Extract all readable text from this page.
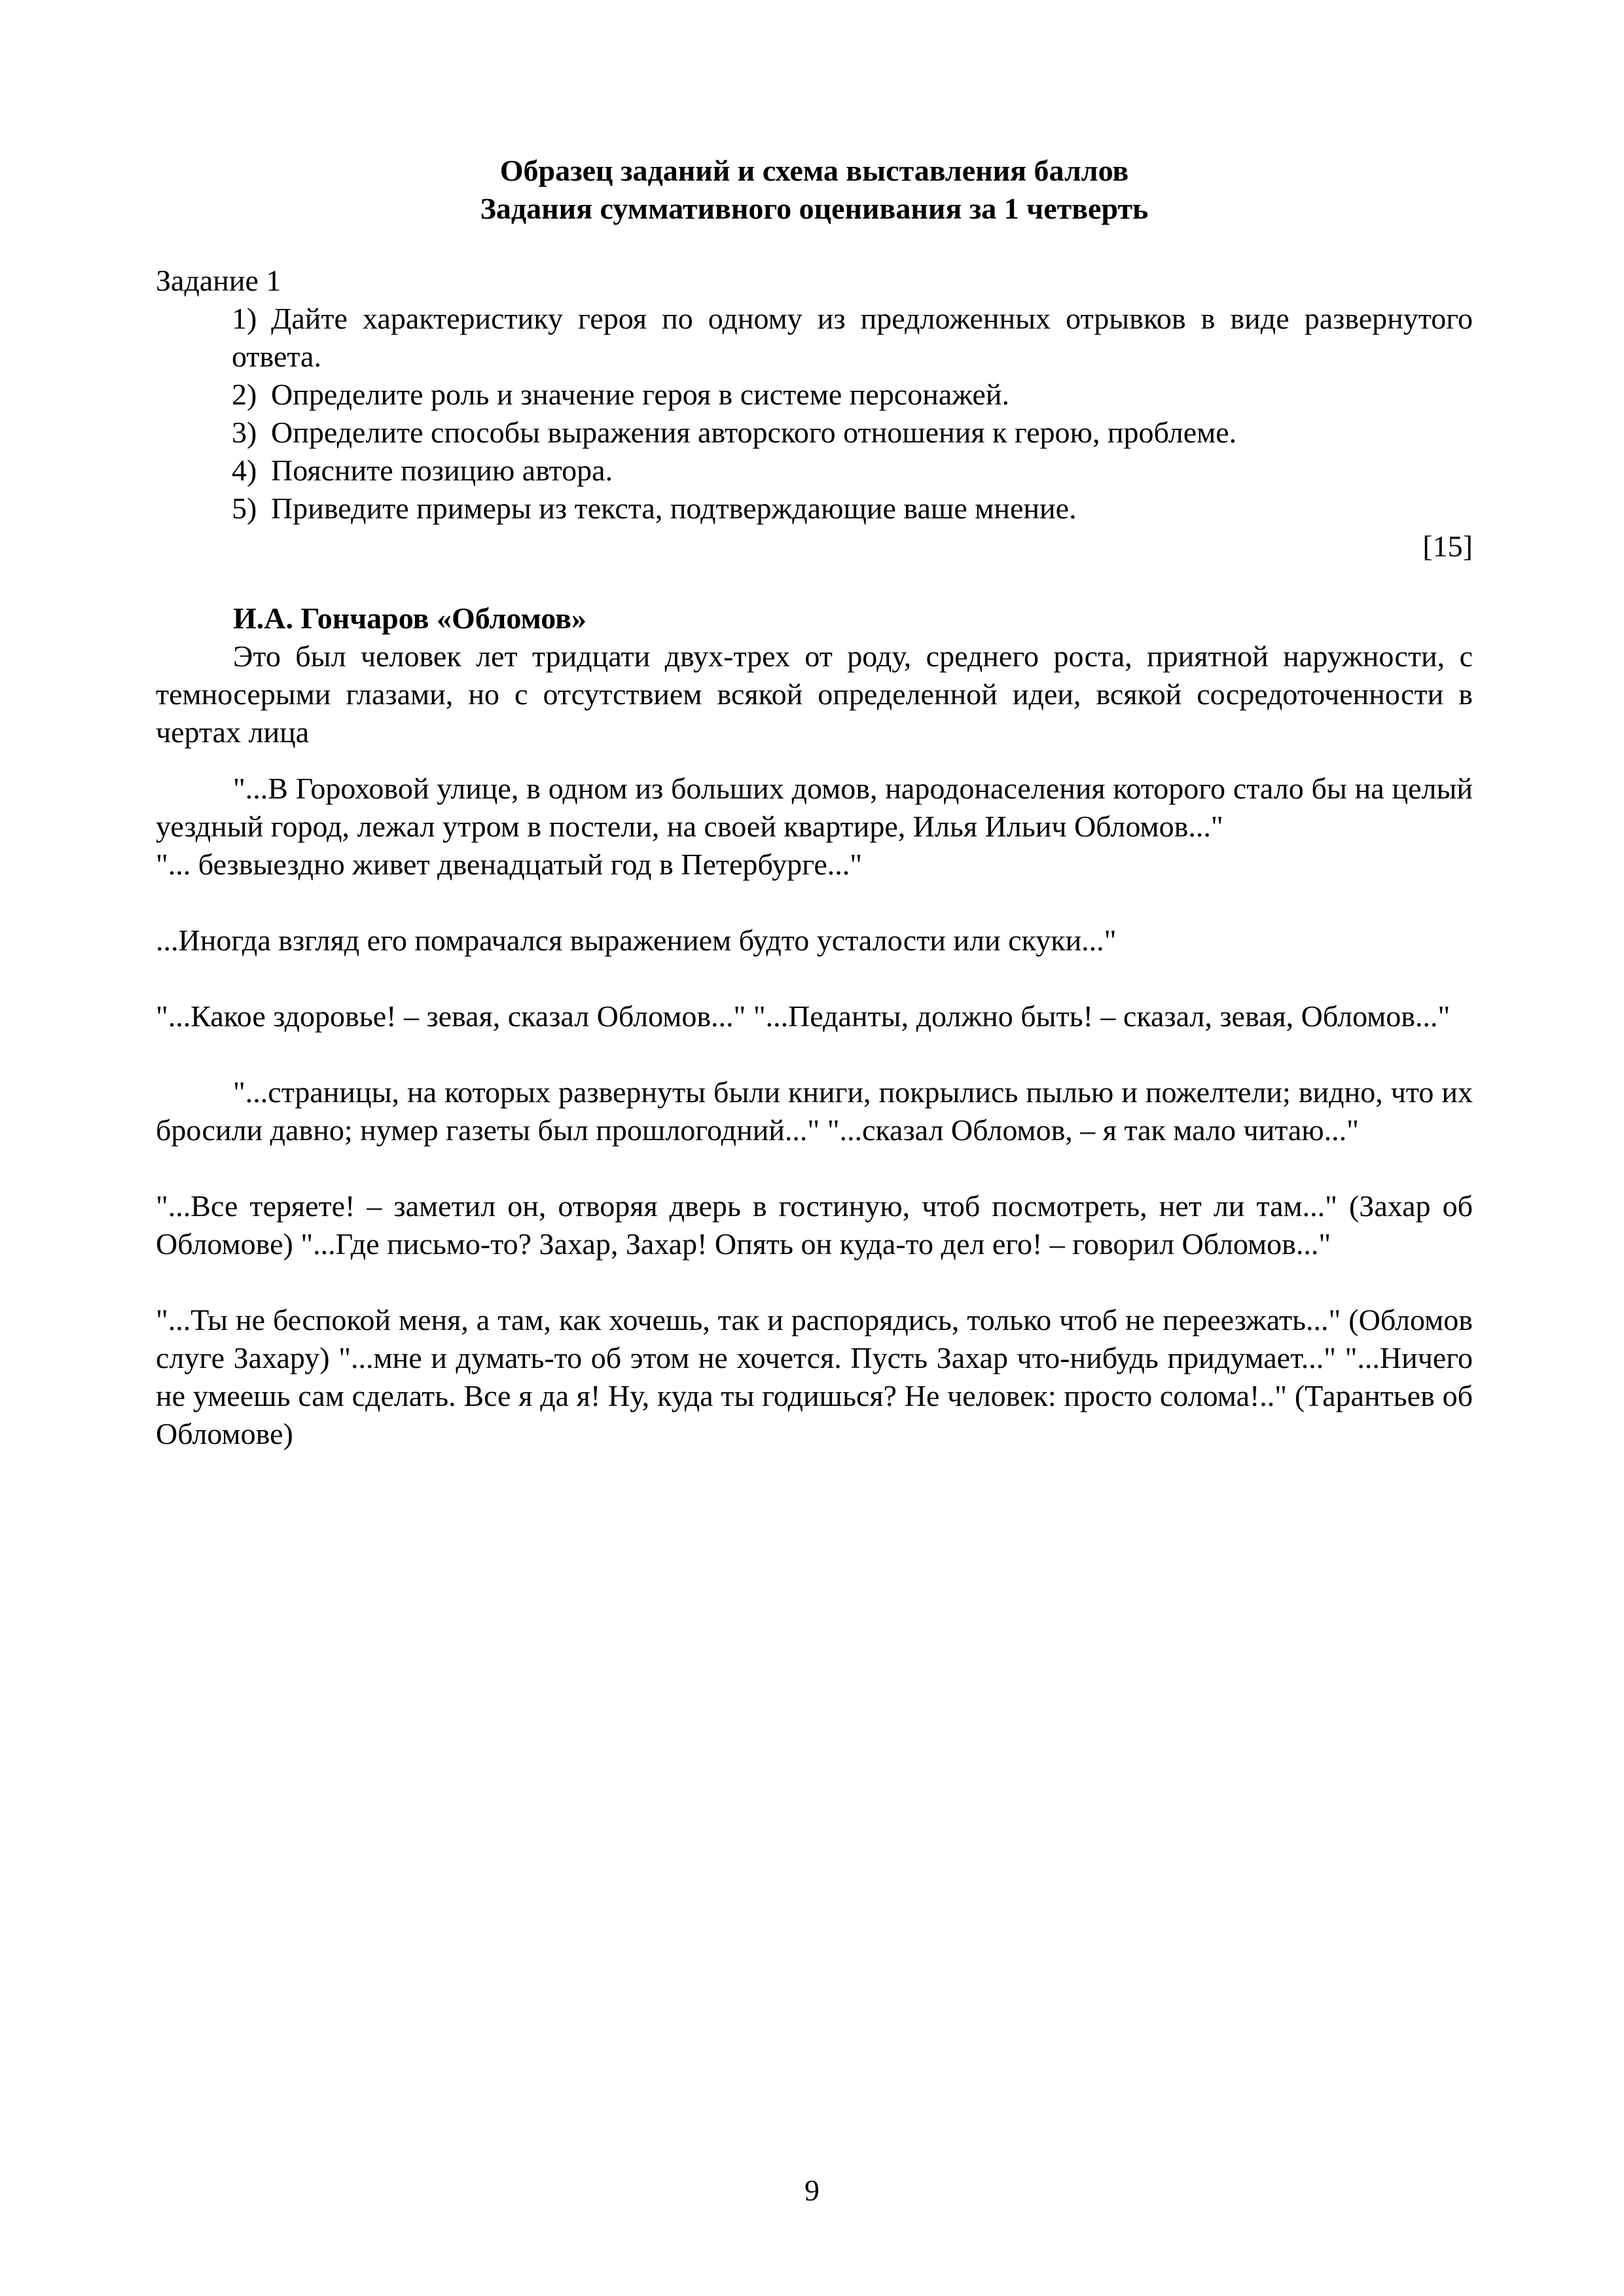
Образец заданий и схема выставления баллов

Задания суммативного оценивания за 1 четверть

Задание 1
1) Дайте характеристику героя по одному из предложенных отрывков в виде развернутого ответа.
2) Определите роль и значение героя в системе персонажей.
3) Определите способы выражения авторского отношения к герою, проблеме.
4) Поясните позицию автора.
5) Приведите примеры из текста, подтверждающие ваше мнение.

[15]

И.А. Гончаров «Обломов»

Это был человек лет тридцати двух-трех от роду, среднего роста, приятной наружности, с темносерыми глазами, но с отсутствием всякой определенной идеи, всякой сосредоточенности в чертах лица

"...В Гороховой улице, в одном из больших домов, народонаселения которого стало бы на целый уездный город, лежал утром в постели, на своей квартире, Илья Ильич Обломов..."

"... безвыездно живет двенадцатый год в Петербурге..."

...Иногда взгляд его помрачался выражением будто усталости или скуки..."

"...Какое здоровье! – зевая, сказал Обломов..." "...Педанты, должно быть! – сказал, зевая, Обломов..."

"...страницы, на которых развернуты были книги, покрылись пылью и пожелтели; видно, что их бросили давно; нумер газеты был прошлогодний..." "...сказал Обломов, – я так мало читаю..."

"...Все теряете! – заметил он, отворяя дверь в гостиную, чтоб посмотреть, нет ли там..." (Захар об Обломове) "...Где письмо-то? Захар, Захар! Опять он куда-то дел его! – говорил Обломов..."

"...Ты не беспокой меня, а там, как хочешь, так и распорядись, только чтоб не переезжать..." (Обломов слуге Захару) "...мне и думать-то об этом не хочется. Пусть Захар что-нибудь придумает..." "...Ничего не умеешь сам сделать. Все я да я! Ну, куда ты годишься? Не человек: просто солома!.." (Тарантьев об Обломове)

9
